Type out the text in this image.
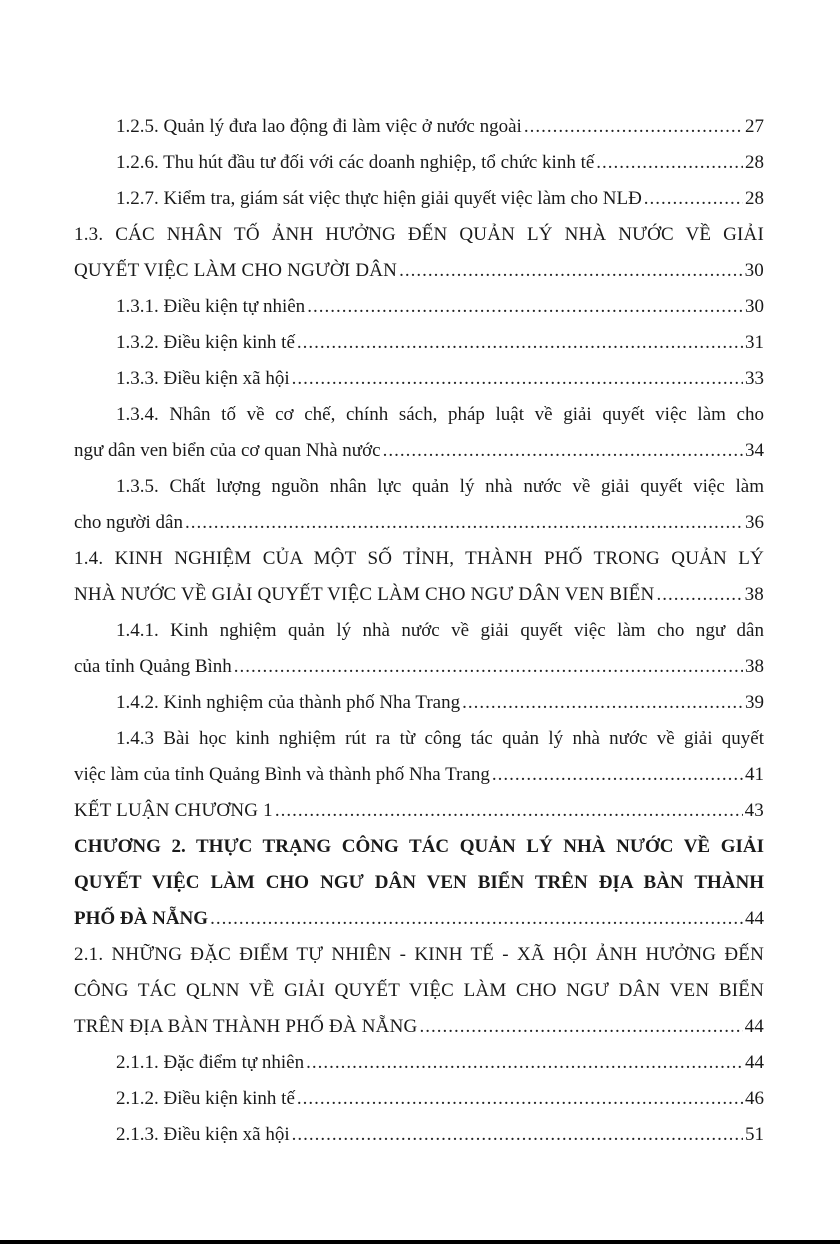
1.2.5. Quản lý đưa lao động đi làm việc ở nước ngoài .....	27
1.2.6. Thu hút đầu tư đối với các doanh nghiệp, tổ chức kinh tế .....	28
1.2.7. Kiểm tra, giám sát việc thực hiện giải quyết việc làm cho NLĐ .....	28
1.3. CÁC NHÂN TỐ ẢNH HƯỞNG ĐẾN QUẢN LÝ NHÀ NƯỚC VỀ GIẢI
QUYẾT VIỆC LÀM CHO NGƯỜI DÂN .....	30
1.3.1. Điều kiện tự nhiên .....	30
1.3.2. Điều kiện kinh tế .....	31
1.3.3. Điều kiện xã hội .....	33
1.3.4. Nhân tố về cơ chế, chính sách, pháp luật về giải quyết việc làm cho
ngư dân ven biển của cơ quan Nhà nước .....	34
1.3.5. Chất lượng nguồn nhân lực quản lý nhà nước về giải quyết việc làm
cho người dân .....	36
1.4. KINH NGHIỆM CỦA MỘT SỐ TỈNH, THÀNH PHỐ TRONG QUẢN LÝ
NHÀ NƯỚC VỀ GIẢI QUYẾT VIỆC LÀM CHO NGƯ DÂN VEN BIỂN .....	38
1.4.1. Kinh nghiệm quản lý nhà nước về giải quyết việc làm cho ngư dân
của tỉnh Quảng Bình .....	38
1.4.2. Kinh nghiệm của thành phố Nha Trang .....	39
1.4.3 Bài học kinh nghiệm rút ra từ công tác quản lý nhà nước về giải quyết
việc làm của tỉnh Quảng Bình và thành phố Nha Trang .....	41
KẾT LUẬN CHƯƠNG 1 .....	43
CHƯƠNG 2. THỰC TRẠNG CÔNG TÁC QUẢN LÝ NHÀ NƯỚC VỀ GIẢI
QUYẾT VIỆC LÀM CHO NGƯ DÂN VEN BIỂN TRÊN ĐỊA BÀN THÀNH
PHỐ ĐÀ NẴNG .....	44
2.1. NHỮNG ĐẶC ĐIỂM TỰ NHIÊN - KINH TẾ - XÃ HỘI ẢNH HƯỞNG ĐẾN
CÔNG TÁC QLNN VỀ GIẢI QUYẾT VIỆC LÀM CHO NGƯ DÂN VEN BIỂN
TRÊN ĐỊA BÀN THÀNH PHỐ ĐÀ NẴNG .....	44
2.1.1. Đặc điểm tự nhiên .....	44
2.1.2. Điều kiện kinh tế .....	46
2.1.3. Điều kiện xã hội .....	51
